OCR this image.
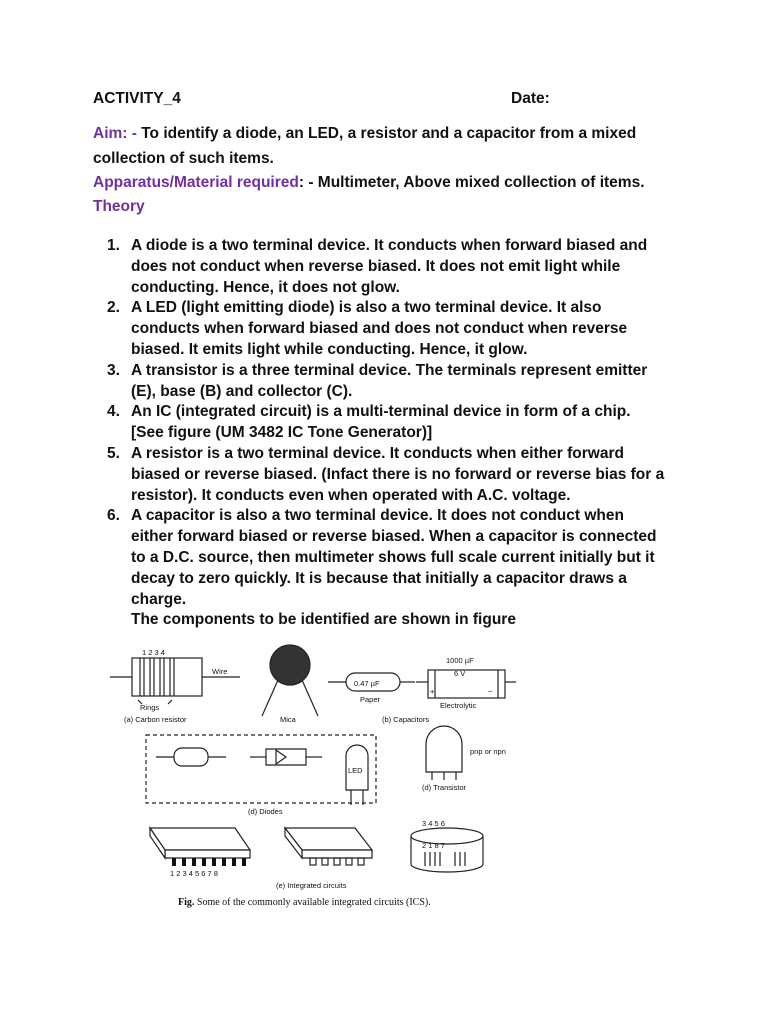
ACTIVITY_4	Date:
Aim: - To identify a diode, an LED, a resistor and a capacitor from a mixed
collection of such items.
Apparatus/Material required: - Multimeter, Above mixed collection of items.
Theory
1. A diode is a two terminal device. It conducts when forward biased and
does not conduct when reverse biased. It does not emit light while
conducting. Hence, it does not glow.
2. A LED (light emitting diode) is also a two terminal device. It also
conducts when forward biased and does not conduct when reverse
biased. It emits light while conducting. Hence, it glow.
3. A transistor is a three terminal device. The terminals represent emitter
(E), base (B) and collector (C).
4. An IC (integrated circuit) is a multi-terminal device in form of a chip.
[See figure (UM 3482 IC Tone Generator)]
5. A resistor is a two terminal device. It conducts when either forward
biased or reverse biased. (Infact there is no forward or reverse bias for a
resistor). It conducts even when operated with A.C. voltage.
6. A capacitor is also a two terminal device. It does not conduct when
either forward biased or reverse biased. When a capacitor is connected
to a D.C. source, then multimeter shows full scale current initially but it
decay to zero quickly. It is because that initially a capacitor draws a
charge.
The components to be identified are shown in figure
1 2 3 4
Wire
Rings
(a) Carbon resistor	Mica
0.47 µF
Paper
1000 µF
6 V
+	−
Electrolytic
(b) Capacitors
LED
(d) Diodes
pnp or npn
(d) Transistor
1 2 3 4 5 6 7 8
(e) Integrated circuits
3 4 5 6
2 1 8 7
Fig. Some of the commonly available integrated circuits (ICS).
